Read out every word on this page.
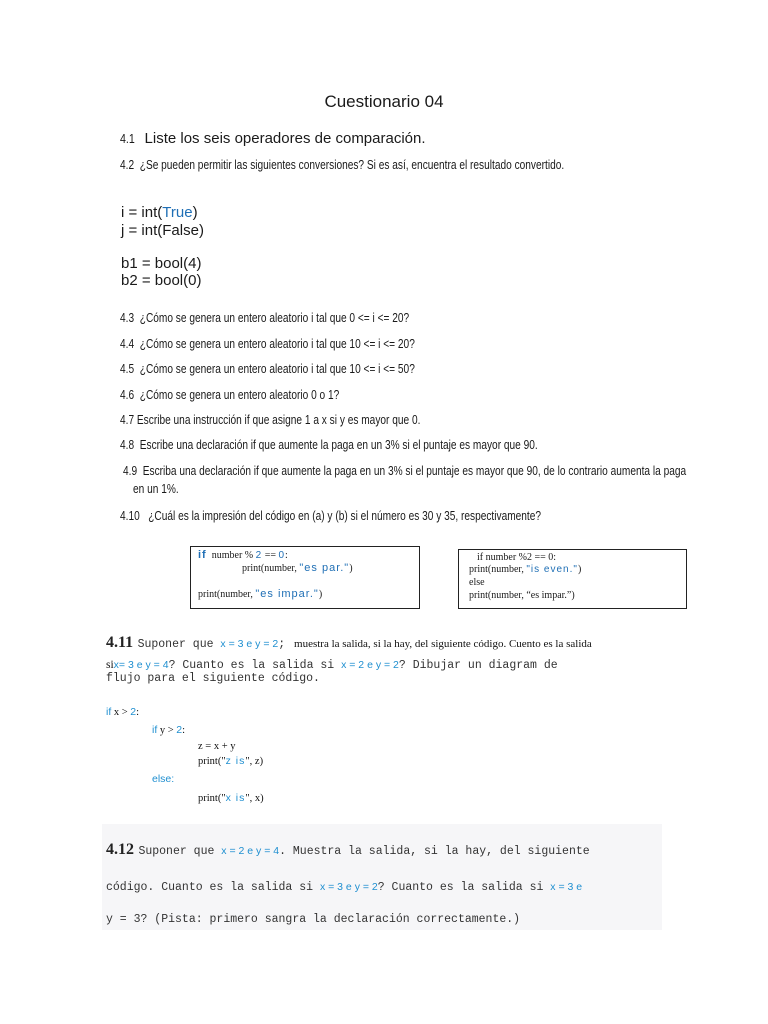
Cuestionario 04
4.1 Liste los seis operadores de comparación.
4.2 ¿Se pueden permitir las siguientes conversiones? Si es así, encuentra el resultado convertido.
i = int(True)
j = int(False)
b1 = bool(4)
b2 = bool(0)
4.3 ¿Cómo se genera un entero aleatorio i tal que 0 <= i <= 20?
4.4 ¿Cómo se genera un entero aleatorio i tal que 10 <= i <= 20?
4.5 ¿Cómo se genera un entero aleatorio i tal que 10 <= i <= 50?
4.6 ¿Cómo se genera un entero aleatorio 0 o 1?
4.7 Escribe una instrucción if que asigne 1 a x si y es mayor que 0.
4.8 Escribe una declaración if que aumente la paga en un 3% si el puntaje es mayor que 90.
4.9 Escriba una declaración if que aumente la paga en un 3% si el puntaje es mayor que 90, de lo contrario aumenta la paga
en un 1%.
4.10 ¿Cuál es la impresión del código en (a) y (b) si el número es 30 y 35, respectivamente?
if number % 2 == 0:
print(number, "es par.")
print(number, "es impar.")
if number %2 == 0:
print(number, "is even.")
else
print(number, “es impar.”)
4.11 Suponer que x = 3 e y = 2; muestra la salida, si la hay, del siguiente código. Cuento es la salida
six= 3 e y = 4? Cuanto es la salida si x = 2 e y = 2? Dibujar un diagram de
flujo para el siguiente código.
if x > 2:
if y > 2:
z = x + y
print("z is", z)
else:
print("x is", x)
4.12 Suponer que x = 2 e y = 4. Muestra la salida, si la hay, del siguiente
código. Cuanto es la salida si x = 3 e y = 2? Cuanto es la salida si x = 3 e
y = 3? (Pista: primero sangra la declaración correctamente.)
